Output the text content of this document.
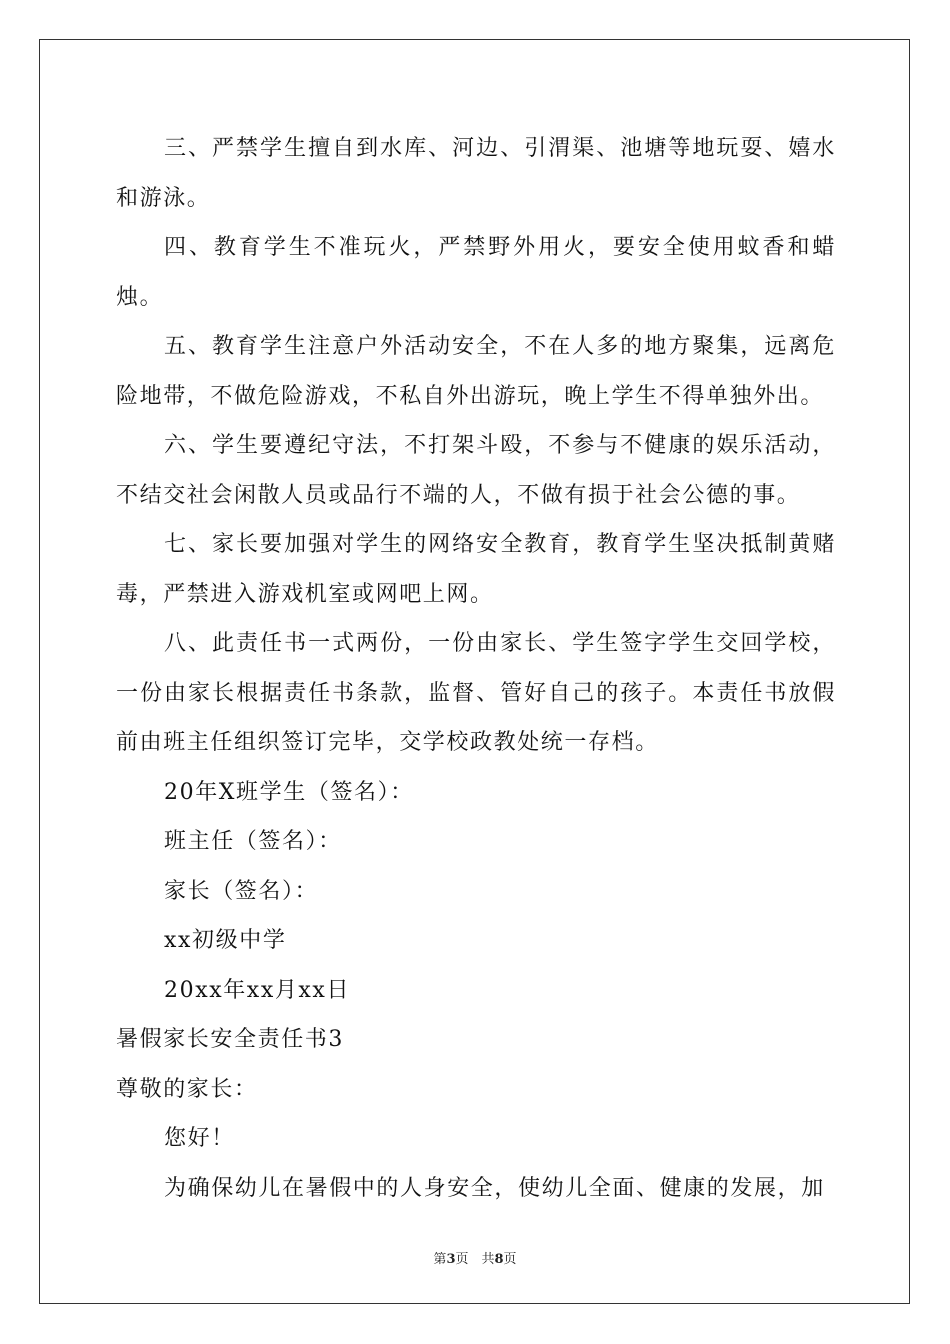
三、严禁学生擅自到水库、河边、引渭渠、池塘等地玩耍、嬉水和游泳。

四、教育学生不准玩火，严禁野外用火，要安全使用蚊香和蜡烛。

五、教育学生注意户外活动安全，不在人多的地方聚集，远离危险地带，不做危险游戏，不私自外出游玩，晚上学生不得单独外出。

六、学生要遵纪守法，不打架斗殴，不参与不健康的娱乐活动，不结交社会闲散人员或品行不端的人，不做有损于社会公德的事。

七、家长要加强对学生的网络安全教育，教育学生坚决抵制黄赌毒，严禁进入游戏机室或网吧上网。

八、此责任书一式两份，一份由家长、学生签字学生交回学校，一份由家长根据责任书条款，监督、管好自己的孩子。本责任书放假前由班主任组织签订完毕，交学校政教处统一存档。

20年X班学生（签名）：

班主任（签名）：

家长（签名）：

xx初级中学

20xx年xx月xx日

暑假家长安全责任书3

尊敬的家长：

您好！

为确保幼儿在暑假中的人身安全，使幼儿全面、健康的发展，加

第3页　共8页
